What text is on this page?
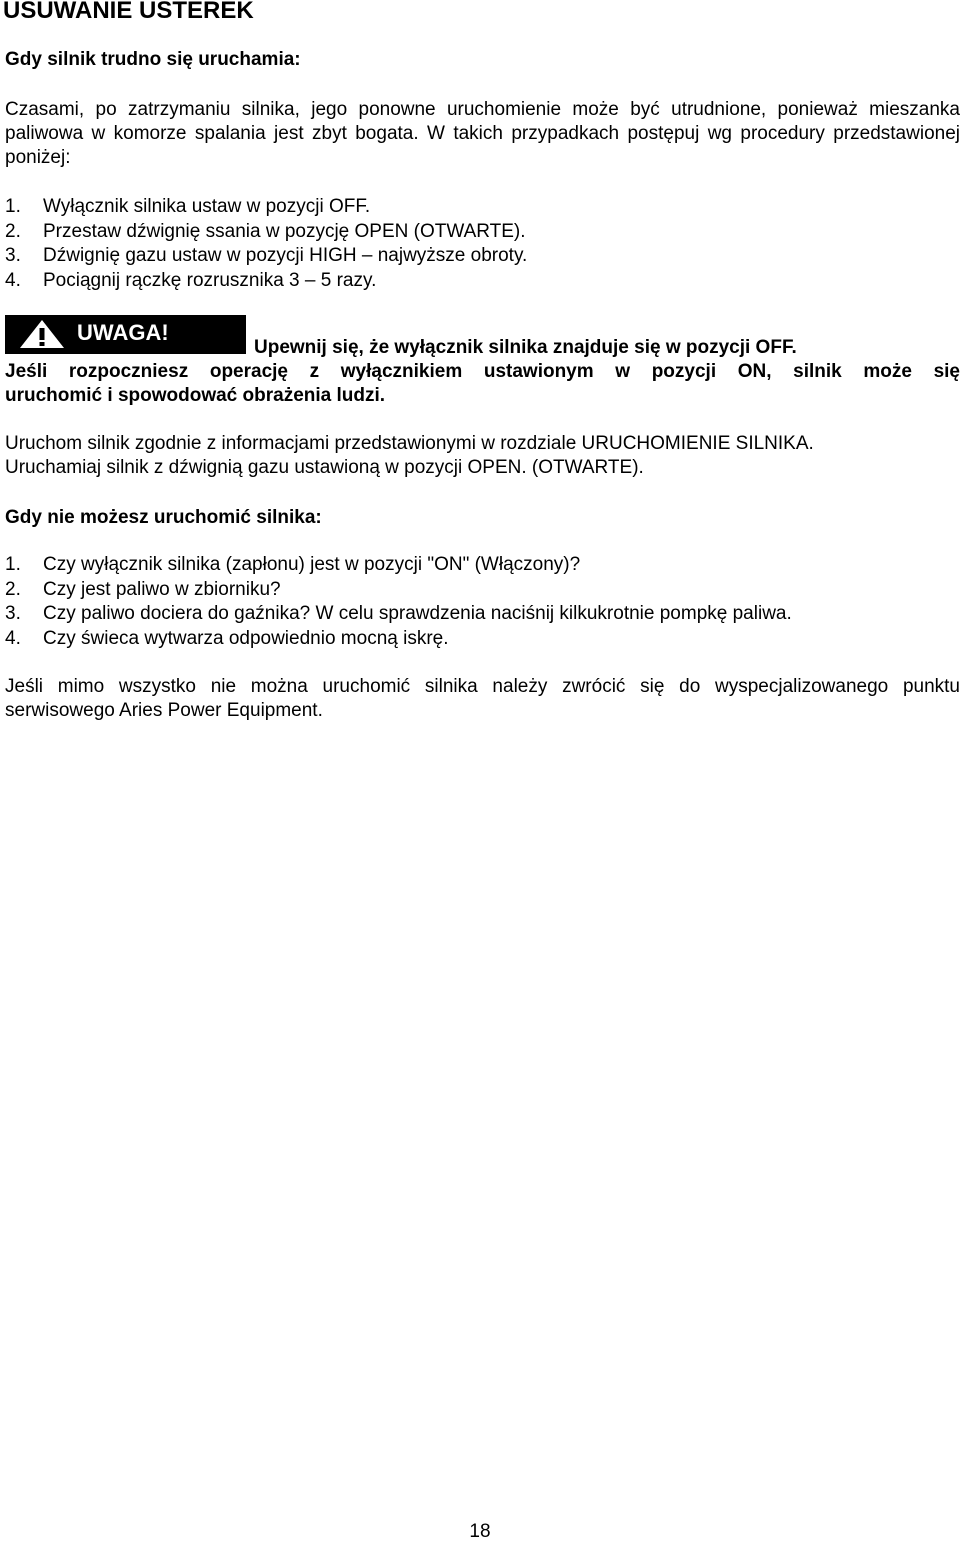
USUWANIE USTEREK
Gdy silnik trudno się uruchamia:

Czasami, po zatrzymaniu silnika, jego ponowne uruchomienie może być utrudnione, ponieważ mieszanka paliwowa w komorze spalania jest zbyt bogata. W takich przypadkach postępuj wg procedury przedstawionej poniżej:

1. Wyłącznik silnika ustaw w pozycji OFF.
2. Przestaw dźwignię ssania w pozycję OPEN (OTWARTE).
3. Dźwignię gazu ustaw w pozycji HIGH – najwyższe obroty.
4. Pociągnij rączkę rozrusznika 3 – 5 razy.
UWAGA!

Upewnij się, że wyłącznik silnika znajduje się w pozycji OFF.

Jeśli rozpoczniesz operację z wyłącznikiem ustawionym w pozycji ON, silnik może się

uruchomić i spowodować obrażenia ludzi.

Uruchom silnik zgodnie z informacjami przedstawionymi w rozdziale URUCHOMIENIE SILNIKA.

Uruchamiaj silnik z dźwignią gazu ustawioną w pozycji OPEN. (OTWARTE).

Gdy nie możesz uruchomić silnika:
1. Czy wyłącznik silnika (zapłonu) jest w pozycji "ON" (Włączony)?
2. Czy jest paliwo w zbiorniku?
3. Czy paliwo dociera do gaźnika? W celu sprawdzenia naciśnij kilkukrotnie pompkę paliwa.
4. Czy świeca wytwarza odpowiednio mocną iskrę.

Jeśli mimo wszystko nie można uruchomić silnika należy zwrócić się do wyspecjalizowanego punktu serwisowego Aries Power Equipment.

18
